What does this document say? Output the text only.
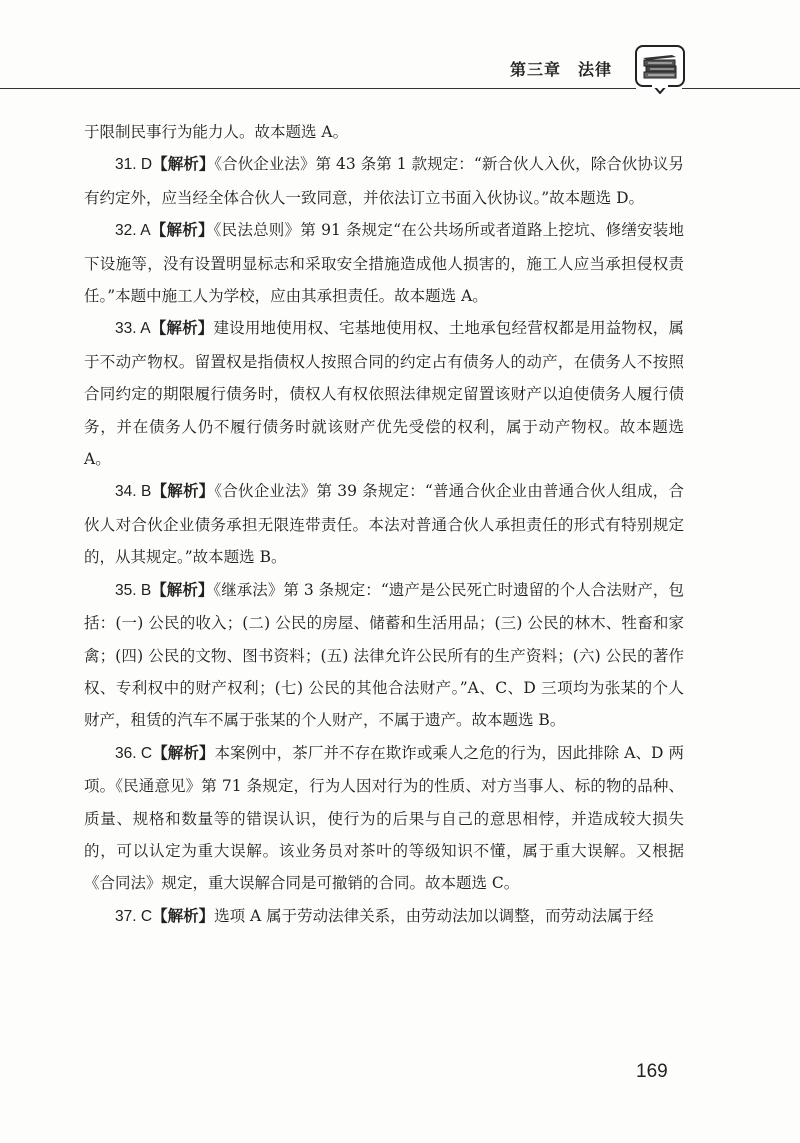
第三章　法律

于限制民事行为能力人。故本题选 A。

31. D【解析】《合伙企业法》第 43 条第 1 款规定：“新合伙人入伙，除合伙协议另有约定外，应当经全体合伙人一致同意，并依法订立书面入伙协议。”故本题选 D。

32. A【解析】《民法总则》第 91 条规定“在公共场所或者道路上挖坑、修缮安装地下设施等，没有设置明显标志和采取安全措施造成他人损害的，施工人应当承担侵权责任。”本题中施工人为学校，应由其承担责任。故本题选 A。

33. A【解析】建设用地使用权、宅基地使用权、土地承包经营权都是用益物权，属于不动产物权。留置权是指债权人按照合同的约定占有债务人的动产，在债务人不按照合同约定的期限履行债务时，债权人有权依照法律规定留置该财产以迫使债务人履行债务，并在债务人仍不履行债务时就该财产优先受偿的权利，属于动产物权。故本题选 A。

34. B【解析】《合伙企业法》第 39 条规定：“普通合伙企业由普通合伙人组成，合伙人对合伙企业债务承担无限连带责任。本法对普通合伙人承担责任的形式有特别规定的，从其规定。”故本题选 B。

35. B【解析】《继承法》第 3 条规定：“遗产是公民死亡时遗留的个人合法财产，包括：(一) 公民的收入；(二) 公民的房屋、储蓄和生活用品；(三) 公民的林木、牲畜和家禽；(四) 公民的文物、图书资料；(五) 法律允许公民所有的生产资料；(六) 公民的著作权、专利权中的财产权利；(七) 公民的其他合法财产。”A、C、D 三项均为张某的个人财产，租赁的汽车不属于张某的个人财产，不属于遗产。故本题选 B。

36. C【解析】本案例中，茶厂并不存在欺诈或乘人之危的行为，因此排除 A、D 两项。《民通意见》第 71 条规定，行为人因对行为的性质、对方当事人、标的物的品种、质量、规格和数量等的错误认识，使行为的后果与自己的意思相悖，并造成较大损失的，可以认定为重大误解。该业务员对茶叶的等级知识不懂，属于重大误解。又根据《合同法》规定，重大误解合同是可撤销的合同。故本题选 C。

37. C【解析】选项 A 属于劳动法律关系，由劳动法加以调整，而劳动法属于经

169
